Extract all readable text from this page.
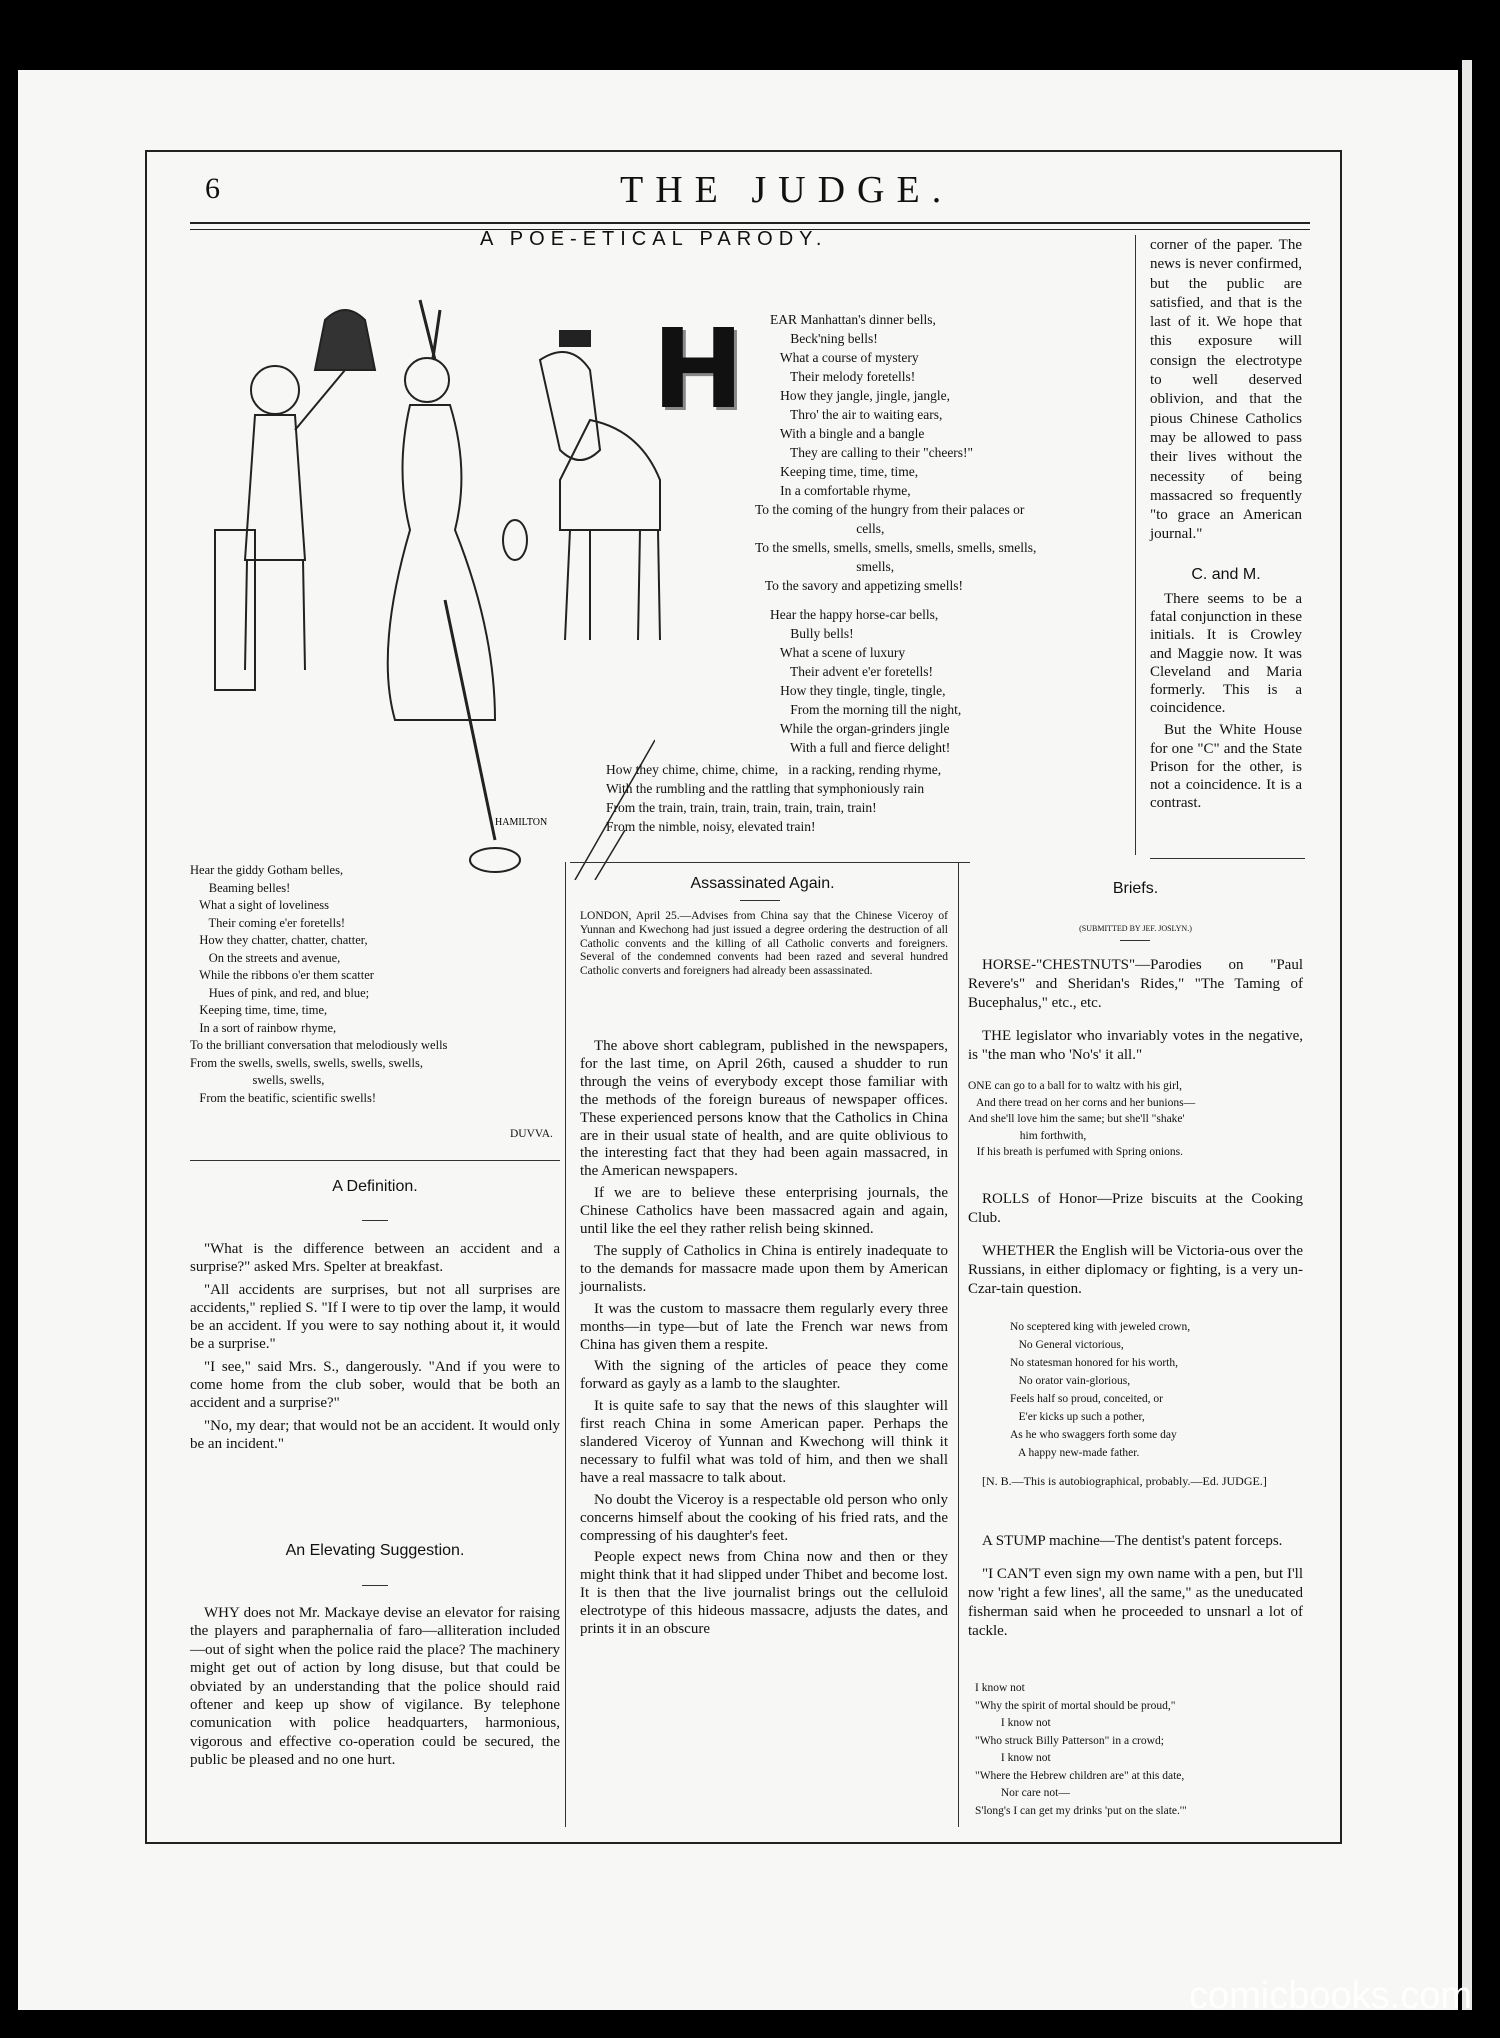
6	THE JUDGE.
A POE-ETICAL PARODY.
HAMILTON
H EAR Manhattan's dinner bells,
Beck'ning bells!
What a course of mystery
Their melody foretells!
How they jangle, jingle, jangle,
Thro' the air to waiting ears,
With a bingle and a bangle
They are calling to their "cheers!"
Keeping time, time, time,
In a comfortable rhyme,
To the coming of the hungry from their palaces or
cells,
To the smells, smells, smells, smells, smells, smells,
smells,
To the savory and appetizing smells!
Hear the happy horse-car bells,
Bully bells!
What a scene of luxury
Their advent e'er foretells!
How they tingle, tingle, tingle,
From the morning till the night,
While the organ-grinders jingle
With a full and fierce delight!
How they chime, chime, chime,   in a racking, rending rhyme,
With the rumbling and the rattling that symphoniously rain
From the train, train, train, train, train, train, train!
From the nimble, noisy, elevated train!

corner of the paper. The news is never confirmed, but the public are satisfied, and that is the last of it. We hope that this exposure will consign the electrotype to well deserved oblivion, and that the pious Chinese Catholics may be allowed to pass their lives without the necessity of being massacred so frequently "to grace an American journal."

C. and M.

There seems to be a fatal conjunction in these initials. It is Crowley and Maggie now. It was Cleveland and Maria formerly. This is a coincidence.

But the White House for one "C" and the State Prison for the other, is not a coincidence. It is a contrast.

Hear the giddy Gotham belles,
Beaming belles!
What a sight of loveliness
Their coming e'er foretells!
How they chatter, chatter, chatter,
On the streets and avenue,
While the ribbons o'er them scatter
Hues of pink, and red, and blue;
Keeping time, time, time,
In a sort of rainbow rhyme,
To the brilliant conversation that melodiously wells
From the swells, swells, swells, swells, swells,
swells, swells,
From the beatific, scientific swells!
DUVVA.
A Definition.

"What is the difference between an accident and a surprise?" asked Mrs. Spelter at breakfast.

"All accidents are surprises, but not all surprises are accidents," replied S. "If I were to tip over the lamp, it would be an accident. If you were to say nothing about it, it would be a surprise."

"I see," said Mrs. S., dangerously. "And if you were to come home from the club sober, would that be both an accident and a surprise?"

"No, my dear; that would not be an accident. It would only be an incident."

An Elevating Suggestion.

WHY does not Mr. Mackaye devise an elevator for raising the players and paraphernalia of faro—alliteration included—out of sight when the police raid the place? The machinery might get out of action by long disuse, but that could be obviated by an understanding that the police should raid oftener and keep up show of vigilance. By telephone comunication with police headquarters, harmonious, vigorous and effective co-operation could be secured, the public be pleased and no one hurt.

Assassinated Again.
LONDON, April 25.—Advises from China say that the Chinese Viceroy of Yunnan and Kwechong had just issued a degree ordering the destruction of all Catholic convents and the killing of all Catholic converts and foreigners. Several of the condemned convents had been razed and several hundred Catholic converts and foreigners had already been assassinated.

The above short cablegram, published in the newspapers, for the last time, on April 26th, caused a shudder to run through the veins of everybody except those familiar with the methods of the foreign bureaus of newspaper offices. These experienced persons know that the Catholics in China are in their usual state of health, and are quite oblivious to the interesting fact that they had been again massacred, in the American newspapers.

If we are to believe these enterprising journals, the Chinese Catholics have been massacred again and again, until like the eel they rather relish being skinned.

The supply of Catholics in China is entirely inadequate to to the demands for massacre made upon them by American journalists.

It was the custom to massacre them regularly every three months—in type—but of late the French war news from China has given them a respite.

With the signing of the articles of peace they come forward as gayly as a lamb to the slaughter.

It is quite safe to say that the news of this slaughter will first reach China in some American paper. Perhaps the slandered Viceroy of Yunnan and Kwechong will think it necessary to fulfil what was told of him, and then we shall have a real massacre to talk about.

No doubt the Viceroy is a respectable old person who only concerns himself about the cooking of his fried rats, and the compressing of his daughter's feet.

People expect news from China now and then or they might think that it had slipped under Thibet and become lost. It is then that the live journalist brings out the celluloid electrotype of this hideous massacre, adjusts the dates, and prints it in an obscure

Briefs.
(SUBMITTED BY JEF. JOSLYN.)

HORSE-"CHESTNUTS"—Parodies on "Paul Revere's" and Sheridan's Rides," "The Taming of Bucephalus," etc., etc.

THE legislator who invariably votes in the negative, is "the man who 'No's' it all."

ONE can go to a ball for to waltz with his girl,
And there tread on her corns and her bunions—
And she'll love him the same; but she'll "shake'
him forthwith,
If his breath is perfumed with Spring onions.

ROLLS of Honor—Prize biscuits at the Cooking Club.

WHETHER the English will be Victoria-ous over the Russians, in either diplomacy or fighting, is a very un-Czar-tain question.

No sceptered king with jeweled crown,
No General victorious,
No statesman honored for his worth,
No orator vain-glorious,
Feels half so proud, conceited, or
E'er kicks up such a pother,
As he who swaggers forth some day
A happy new-made father.
[N. B.—This is autobiographical, probably.—Ed. JUDGE.]

A STUMP machine—The dentist's patent forceps.

"I CAN'T even sign my own name with a pen, but I'll now 'right a few lines', all the same," as the uneducated fisherman said when he proceeded to unsnarl a lot of tackle.

I know not
"Why the spirit of mortal should be proud,"
I know not
"Who struck Billy Patterson" in a crowd;
I know not
"Where the Hebrew children are" at this date,
Nor care not—
S'long's I can get my drinks 'put on the slate.'"
comicbooks.com
